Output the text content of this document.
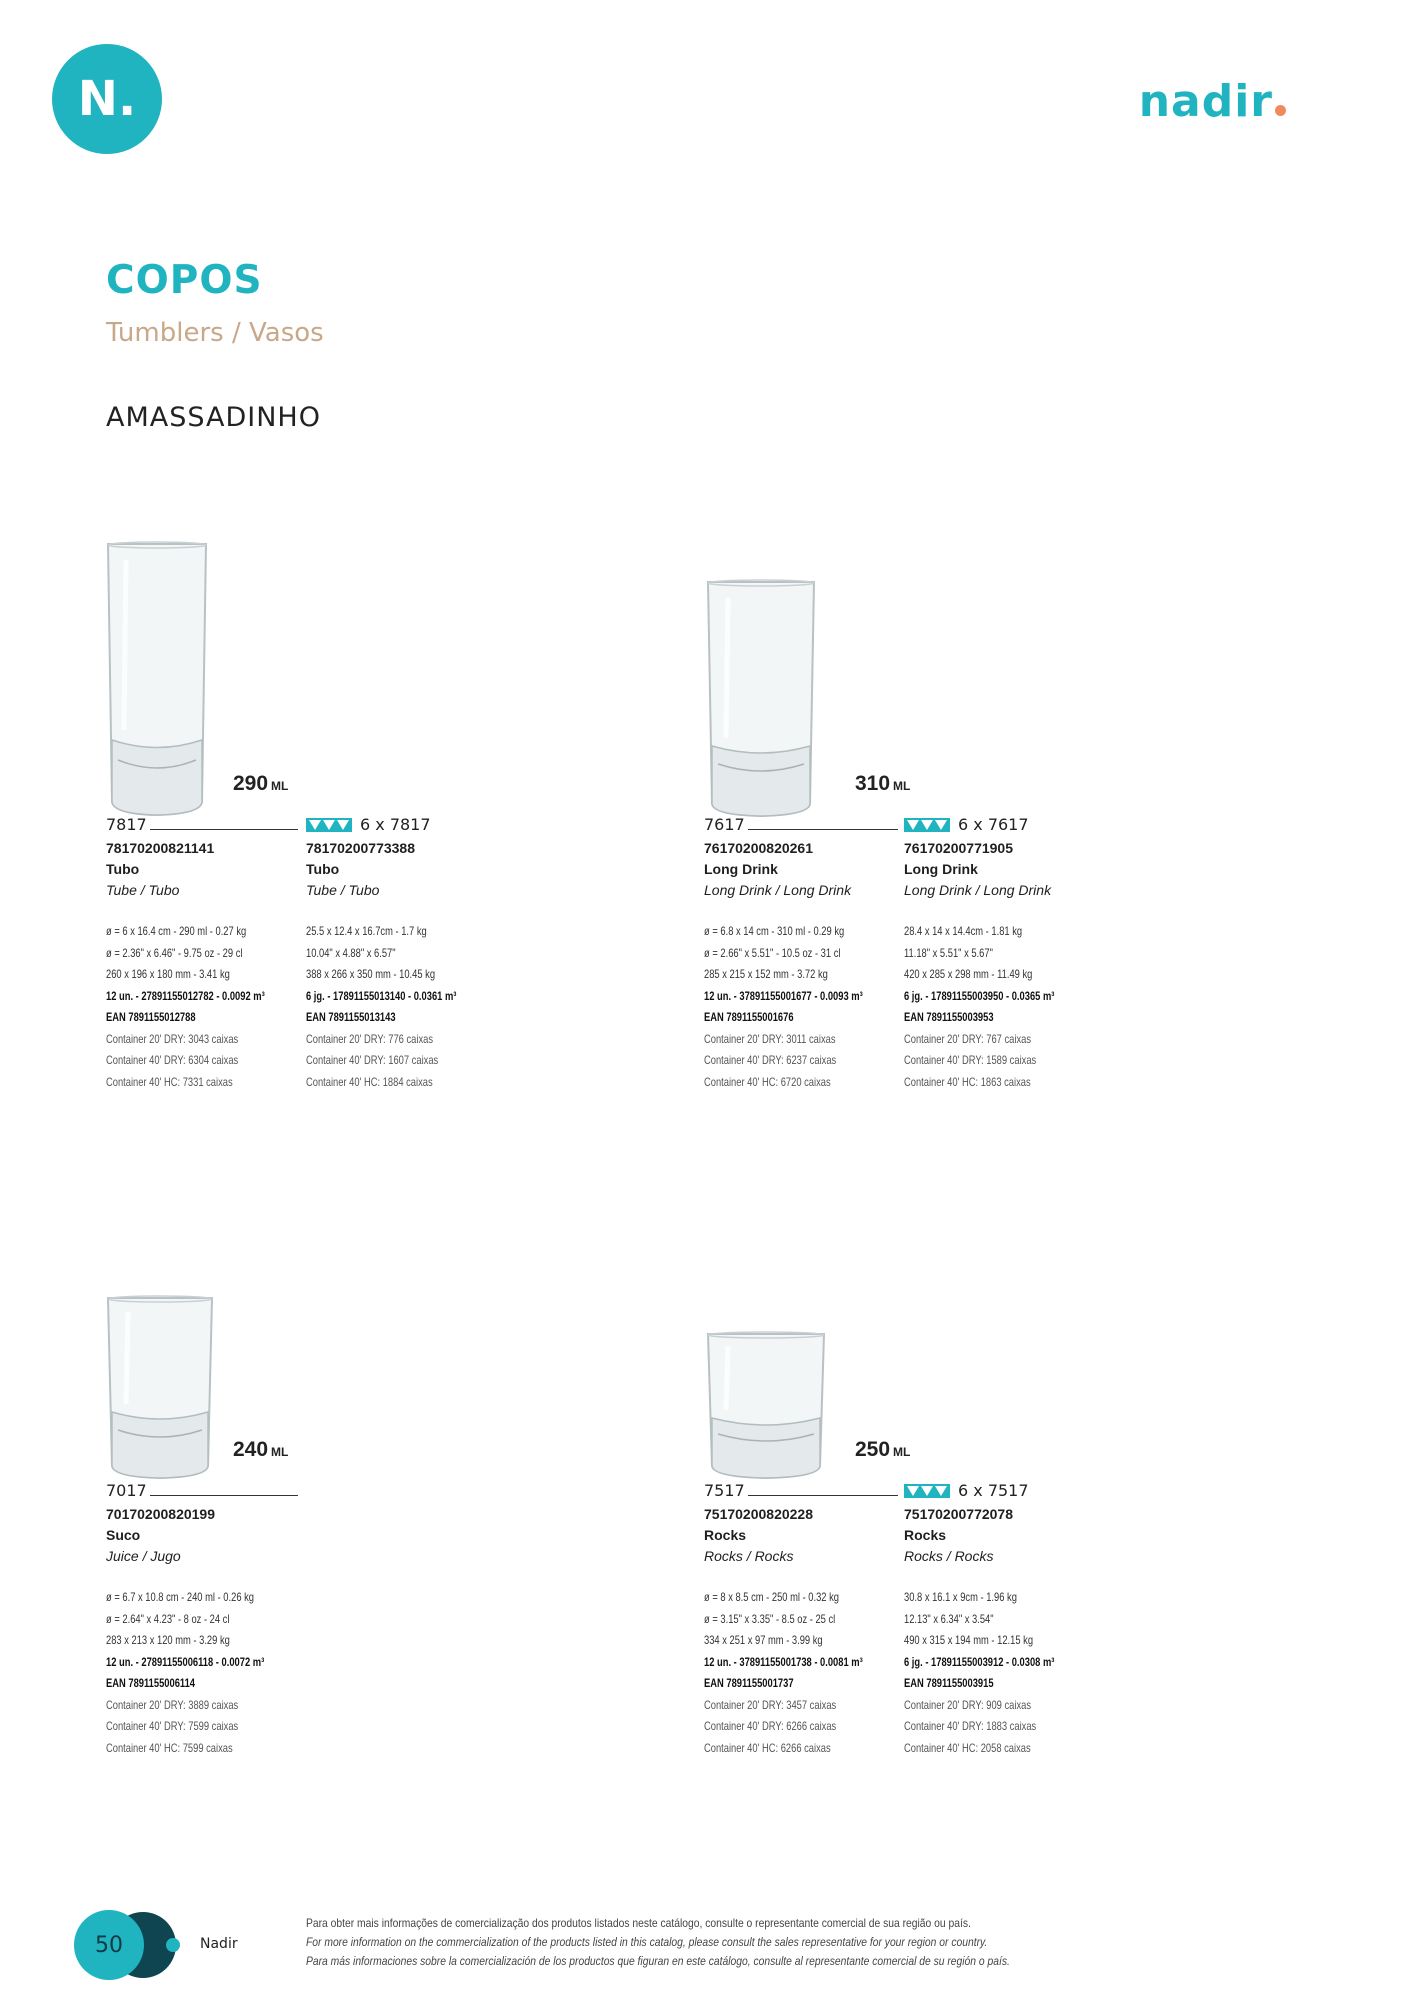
N.	nadir
COPOS
Tumblers / Vasos
AMASSADINHO
290 ML
7817	6 x 7817
78170200821141
Tubo
Tube / Tubo
ø = 6 x 16.4 cm - 290 ml - 0.27 kg
ø = 2.36" x 6.46" - 9.75 oz - 29 cl
260 x 196 x 180 mm - 3.41 kg
12 un. - 27891155012782 - 0.0092 m³
EAN 7891155012788
Container 20' DRY: 3043 caixas
Container 40' DRY: 6304 caixas
Container 40' HC: 7331 caixas
78170200773388
Tubo
Tube / Tubo
25.5 x 12.4 x 16.7cm - 1.7 kg
10.04" x 4.88" x 6.57"
388 x 266 x 350 mm - 10.45 kg
6 jg. - 17891155013140 - 0.0361 m³
EAN 7891155013143
Container 20' DRY: 776 caixas
Container 40' DRY: 1607 caixas
Container 40' HC: 1884 caixas
310 ML
7617	6 x 7617
76170200820261
Long Drink
Long Drink / Long Drink
ø = 6.8 x 14 cm - 310 ml - 0.29 kg
ø = 2.66" x 5.51" - 10.5 oz - 31 cl
285 x 215 x 152 mm - 3.72 kg
12 un. - 37891155001677 - 0.0093 m³
EAN 7891155001676
Container 20' DRY: 3011 caixas
Container 40' DRY: 6237 caixas
Container 40' HC: 6720 caixas
76170200771905
Long Drink
Long Drink / Long Drink
28.4 x 14 x 14.4cm - 1.81 kg
11.18" x 5.51" x 5.67"
420 x 285 x 298 mm - 11.49 kg
6 jg. - 17891155003950 - 0.0365 m³
EAN 7891155003953
Container 20' DRY: 767 caixas
Container 40' DRY: 1589 caixas
Container 40' HC: 1863 caixas
240 ML
7017
70170200820199
Suco
Juice / Jugo
ø = 6.7 x 10.8 cm - 240 ml - 0.26 kg
ø = 2.64" x 4.23" - 8 oz - 24 cl
283 x 213 x 120 mm - 3.29 kg
12 un. - 27891155006118 - 0.0072 m³
EAN 7891155006114
Container 20' DRY: 3889 caixas
Container 40' DRY: 7599 caixas
Container 40' HC: 7599 caixas
250 ML
7517	6 x 7517
75170200820228
Rocks
Rocks / Rocks
ø = 8 x 8.5 cm - 250 ml - 0.32 kg
ø = 3.15" x 3.35" - 8.5 oz - 25 cl
334 x 251 x 97 mm - 3.99 kg
12 un. - 37891155001738 - 0.0081 m³
EAN 7891155001737
Container 20' DRY: 3457 caixas
Container 40' DRY: 6266 caixas
Container 40' HC: 6266 caixas
75170200772078
Rocks
Rocks / Rocks
30.8 x 16.1 x 9cm - 1.96 kg
12.13" x 6.34" x 3.54"
490 x 315 x 194 mm - 12.15 kg
6 jg. - 17891155003912 - 0.0308 m³
EAN 7891155003915
Container 20' DRY: 909 caixas
Container 40' DRY: 1883 caixas
Container 40' HC: 2058 caixas
50	Nadir
Para obter mais informações de comercialização dos produtos listados neste catálogo, consulte o representante comercial de sua região ou país.
For more information on the commercialization of the products listed in this catalog, please consult the sales representative for your region or country.
Para más informaciones sobre la comercialización de los productos que figuran en este catálogo, consulte al representante comercial de su región o país.
